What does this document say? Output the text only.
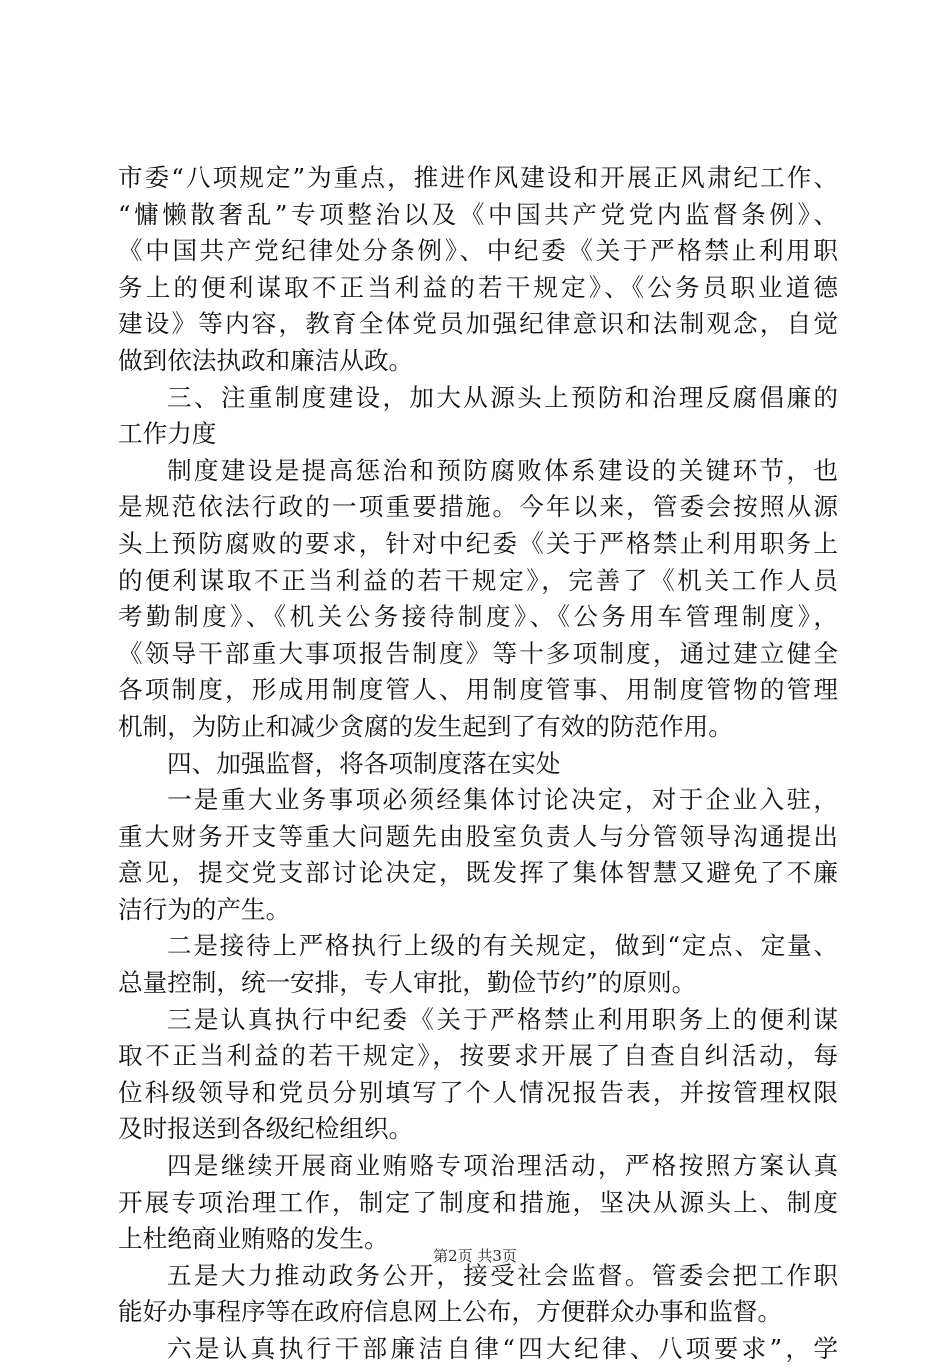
市委“八项规定”为重点，推进作风建设和开展正风肃纪工作、
“慵懒散奢乱”专项整治以及《中国共产党党内监督条例》、
《中国共产党纪律处分条例》、中纪委《关于严格禁止利用职
务上的便利谋取不正当利益的若干规定》、《公务员职业道德
建设》等内容，教育全体党员加强纪律意识和法制观念，自觉
做到依法执政和廉洁从政。
三、注重制度建设，加大从源头上预防和治理反腐倡廉的
工作力度
制度建设是提高惩治和预防腐败体系建设的关键环节，也
是规范依法行政的一项重要措施。今年以来，管委会按照从源
头上预防腐败的要求，针对中纪委《关于严格禁止利用职务上
的便利谋取不正当利益的若干规定》，完善了《机关工作人员
考勤制度》、《机关公务接待制度》、《公务用车管理制度》，
《领导干部重大事项报告制度》等十多项制度，通过建立健全
各项制度，形成用制度管人、用制度管事、用制度管物的管理
机制，为防止和减少贪腐的发生起到了有效的防范作用。
四、加强监督，将各项制度落在实处
一是重大业务事项必须经集体讨论决定，对于企业入驻，
重大财务开支等重大问题先由股室负责人与分管领导沟通提出
意见，提交党支部讨论决定，既发挥了集体智慧又避免了不廉
洁行为的产生。
二是接待上严格执行上级的有关规定，做到“定点、定量、
总量控制，统一安排，专人审批，勤俭节约”的原则。
三是认真执行中纪委《关于严格禁止利用职务上的便利谋
取不正当利益的若干规定》，按要求开展了自查自纠活动，每
位科级领导和党员分别填写了个人情况报告表，并按管理权限
及时报送到各级纪检组织。
四是继续开展商业贿赂专项治理活动，严格按照方案认真
开展专项治理工作，制定了制度和措施，坚决从源头上、制度
上杜绝商业贿赂的发生。
五是大力推动政务公开，接受社会监督。管委会把工作职
能好办事程序等在政府信息网上公布，方便群众办事和监督。
六是认真执行干部廉洁自律“四大纪律、八项要求”，学
第2页 共3页
